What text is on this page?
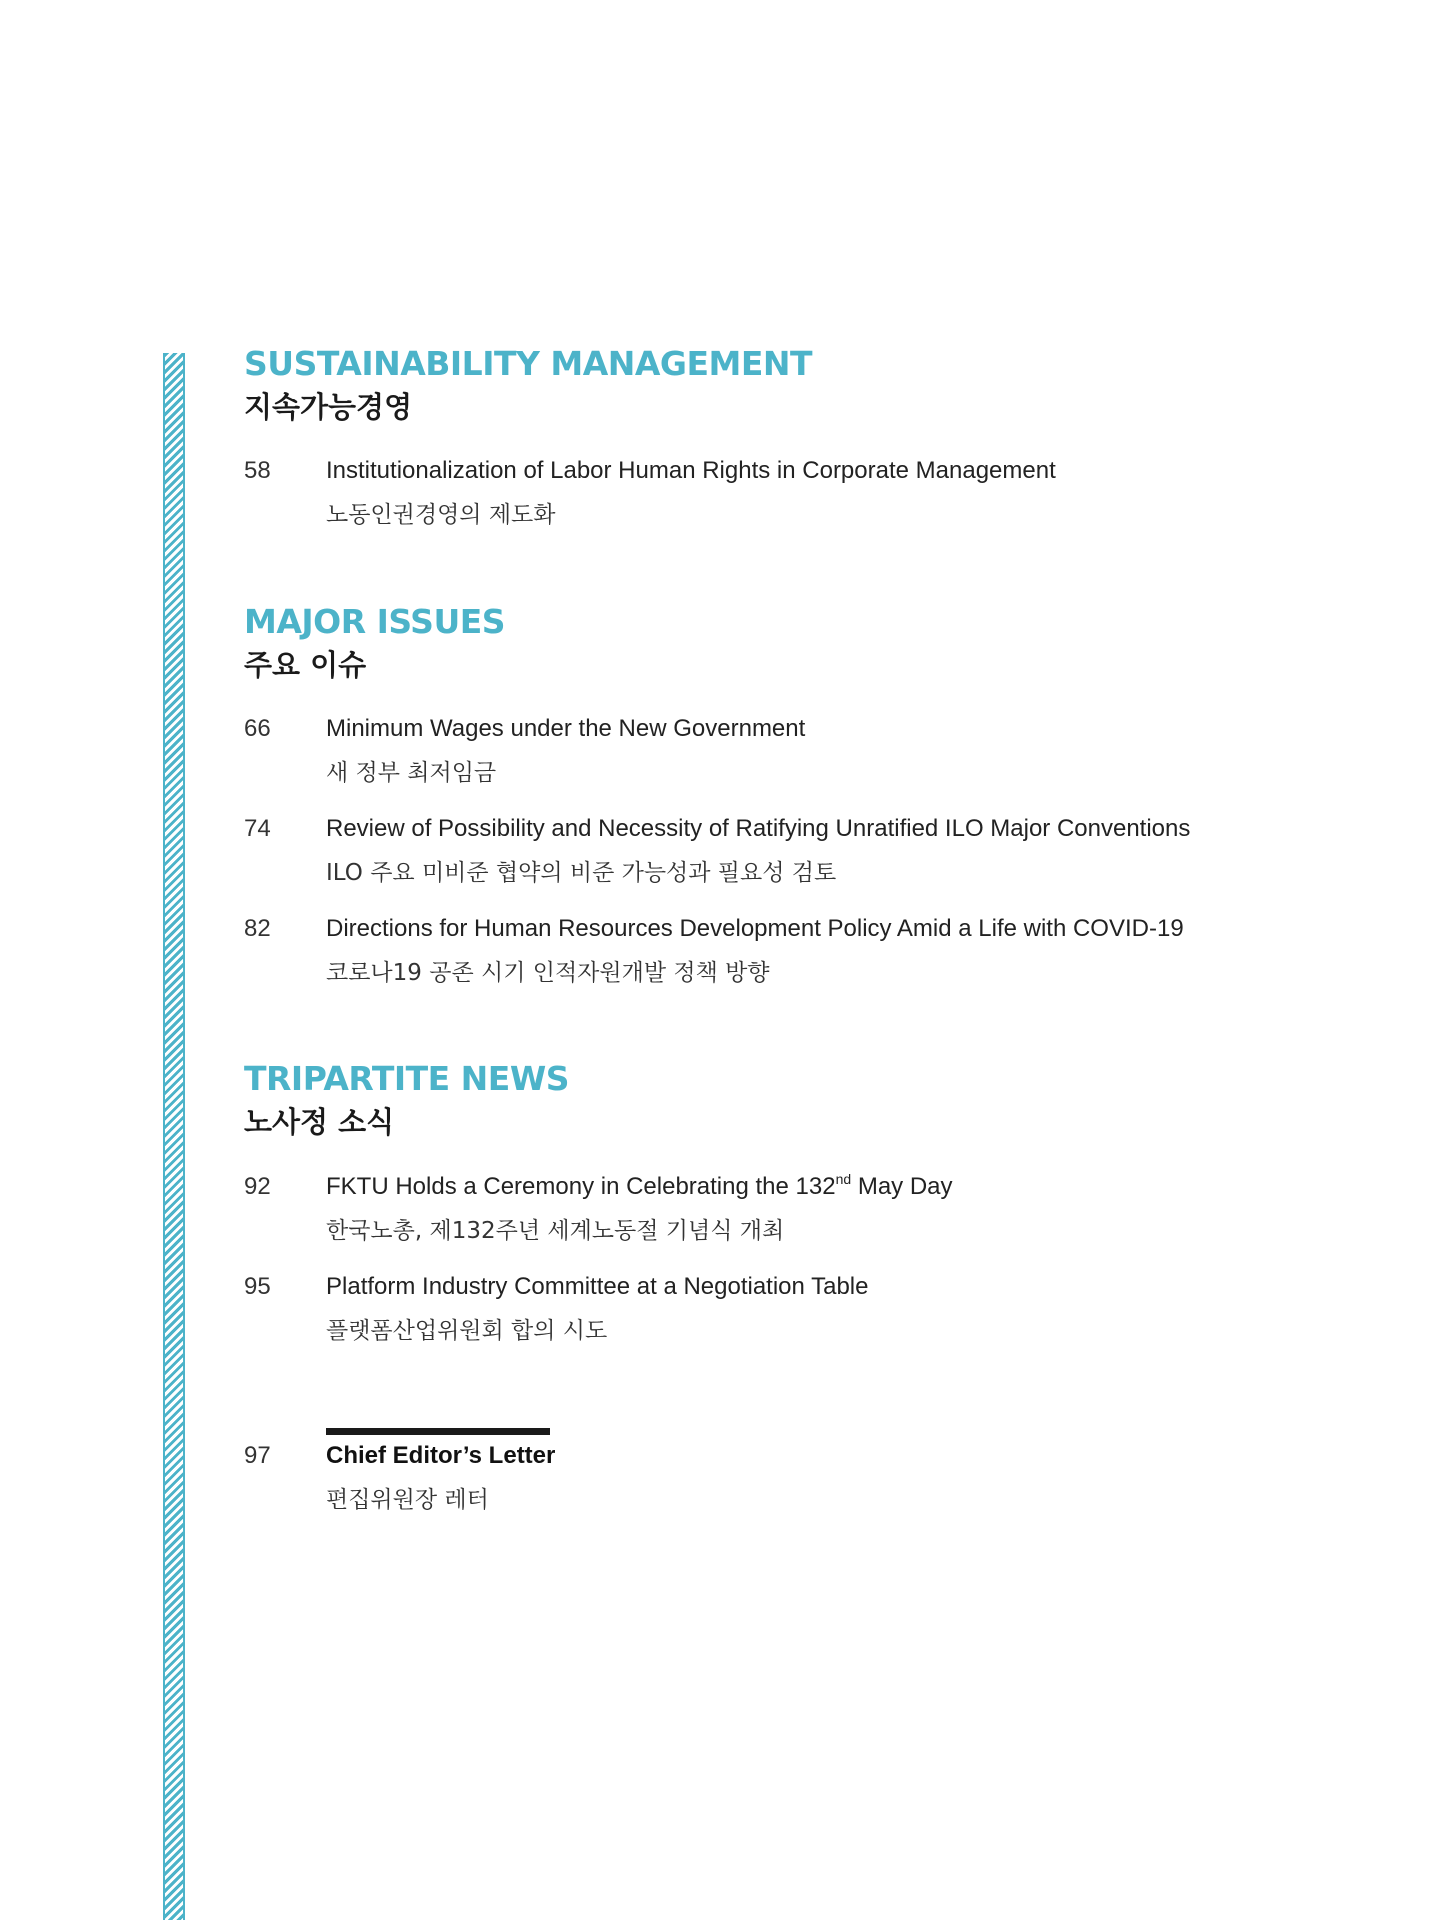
SUSTAINABILITY MANAGEMENT
지속가능경영
58	Institutionalization of Labor Human Rights in Corporate Management
노동인권경영의 제도화
MAJOR ISSUES
주요 이슈
66	Minimum Wages under the New Government
새 정부 최저임금
74	Review of Possibility and Necessity of Ratifying Unratified ILO Major Conventions
ILO 주요 미비준 협약의 비준 가능성과 필요성 검토
82	Directions for Human Resources Development Policy Amid a Life with COVID-19
코로나19 공존 시기 인적자원개발 정책 방향
TRIPARTITE NEWS
노사정 소식
92	FKTU Holds a Ceremony in Celebrating the 132nd May Day
한국노총, 제132주년 세계노동절 기념식 개최
95	Platform Industry Committee at a Negotiation Table
플랫폼산업위원회 합의 시도
97	Chief Editor’s Letter
편집위원장 레터
